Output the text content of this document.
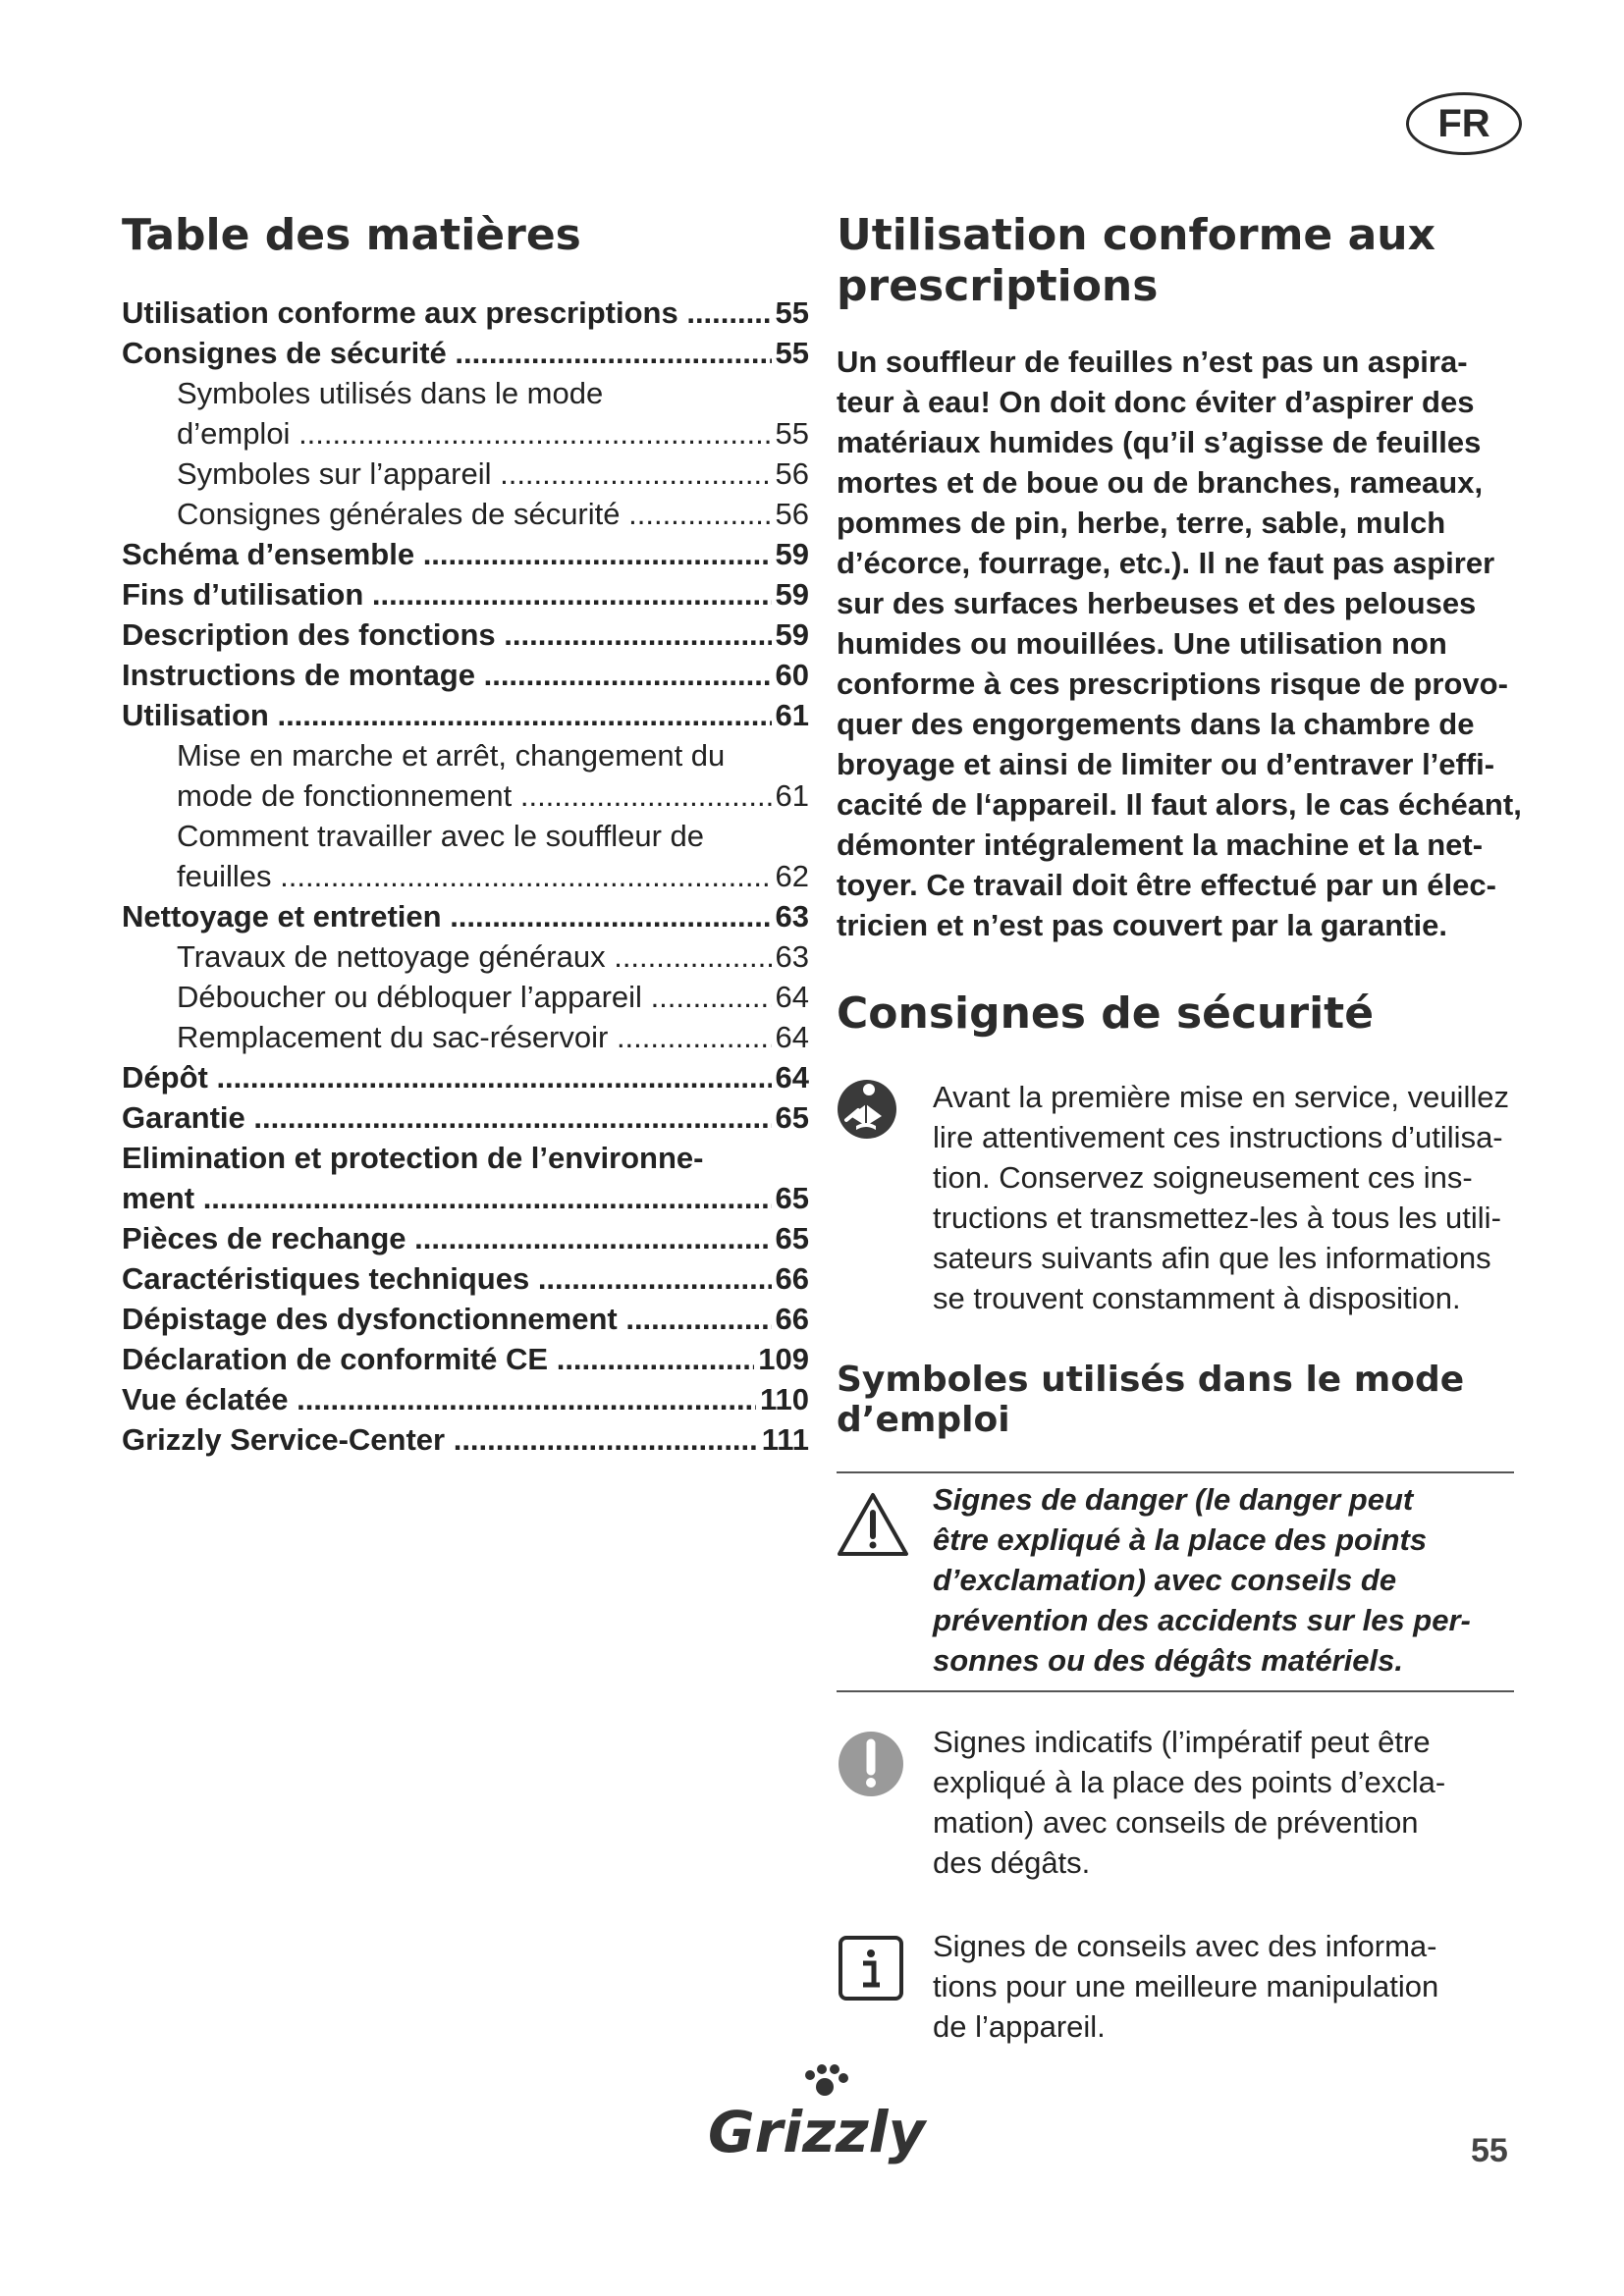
FR
Table des matières
Utilisation conforme aux prescriptions .....	55
Consignes de sécurité .....	55
Symboles utilisés dans le mode
d’emploi .....	55
Symboles sur l’appareil .....	56
Consignes générales de sécurité .....	56
Schéma d’ensemble .....	59
Fins d’utilisation .....	59
Description des fonctions .....	59
Instructions de montage .....	60
Utilisation .....	61
Mise en marche et arrêt, changement du
mode de fonctionnement .....	61
Comment travailler avec le souffleur de
feuilles .....	62
Nettoyage et entretien .....	63
Travaux de nettoyage généraux .....	63
Déboucher ou débloquer l’appareil .....	64
Remplacement du sac-réservoir .....	64
Dépôt .....	64
Garantie .....	65
Elimination et protection de l’environne-
ment .....	65
Pièces de rechange .....	65
Caractéristiques techniques .....	66
Dépistage des dysfonctionnement .....	66
Déclaration de conformité CE .....	109
Vue éclatée .....	110
Grizzly Service-Center .....	111
Utilisation conforme aux
prescriptions

Un souffleur de feuilles n’est pas un aspira-

teur à eau! On doit donc éviter d’aspirer des

matériaux humides (qu’il s’agisse de feuilles

mortes et de boue ou de branches, rameaux,

pommes de pin, herbe, terre, sable, mulch

d’écorce, fourrage, etc.). Il ne faut pas aspirer

sur des surfaces herbeuses et des pelouses

humides ou mouillées. Une utilisation non

conforme à ces prescriptions risque de provo-

quer des engorgements dans la chambre de

broyage et ainsi de limiter ou d’entraver l’effi-

cacité de l‘appareil. Il faut alors, le cas échéant,

démonter intégralement la machine et la net-

toyer. Ce travail doit être effectué par un élec-

tricien et n’est pas couvert par la garantie.

Consignes de sécurité

Avant la première mise en service, veuillez

lire attentivement ces instructions d’utilisa-

tion. Conservez soigneusement ces ins-

tructions et transmettez-les à tous les utili-

sateurs suivants afin que les informations

se trouvent constamment à disposition.

Symboles utilisés dans le mode
d’emploi

Signes de danger (le danger peut

être expliqué à la place des points

d’exclamation) avec conseils de

prévention des accidents sur les per-

sonnes ou des dégâts matériels.

Signes indicatifs (l’impératif peut être

expliqué à la place des points d’excla-

mation) avec conseils de prévention

des dégâts.

Signes de conseils avec des informa-

tions pour une meilleure manipulation

de l’appareil.

Grizzly	55
